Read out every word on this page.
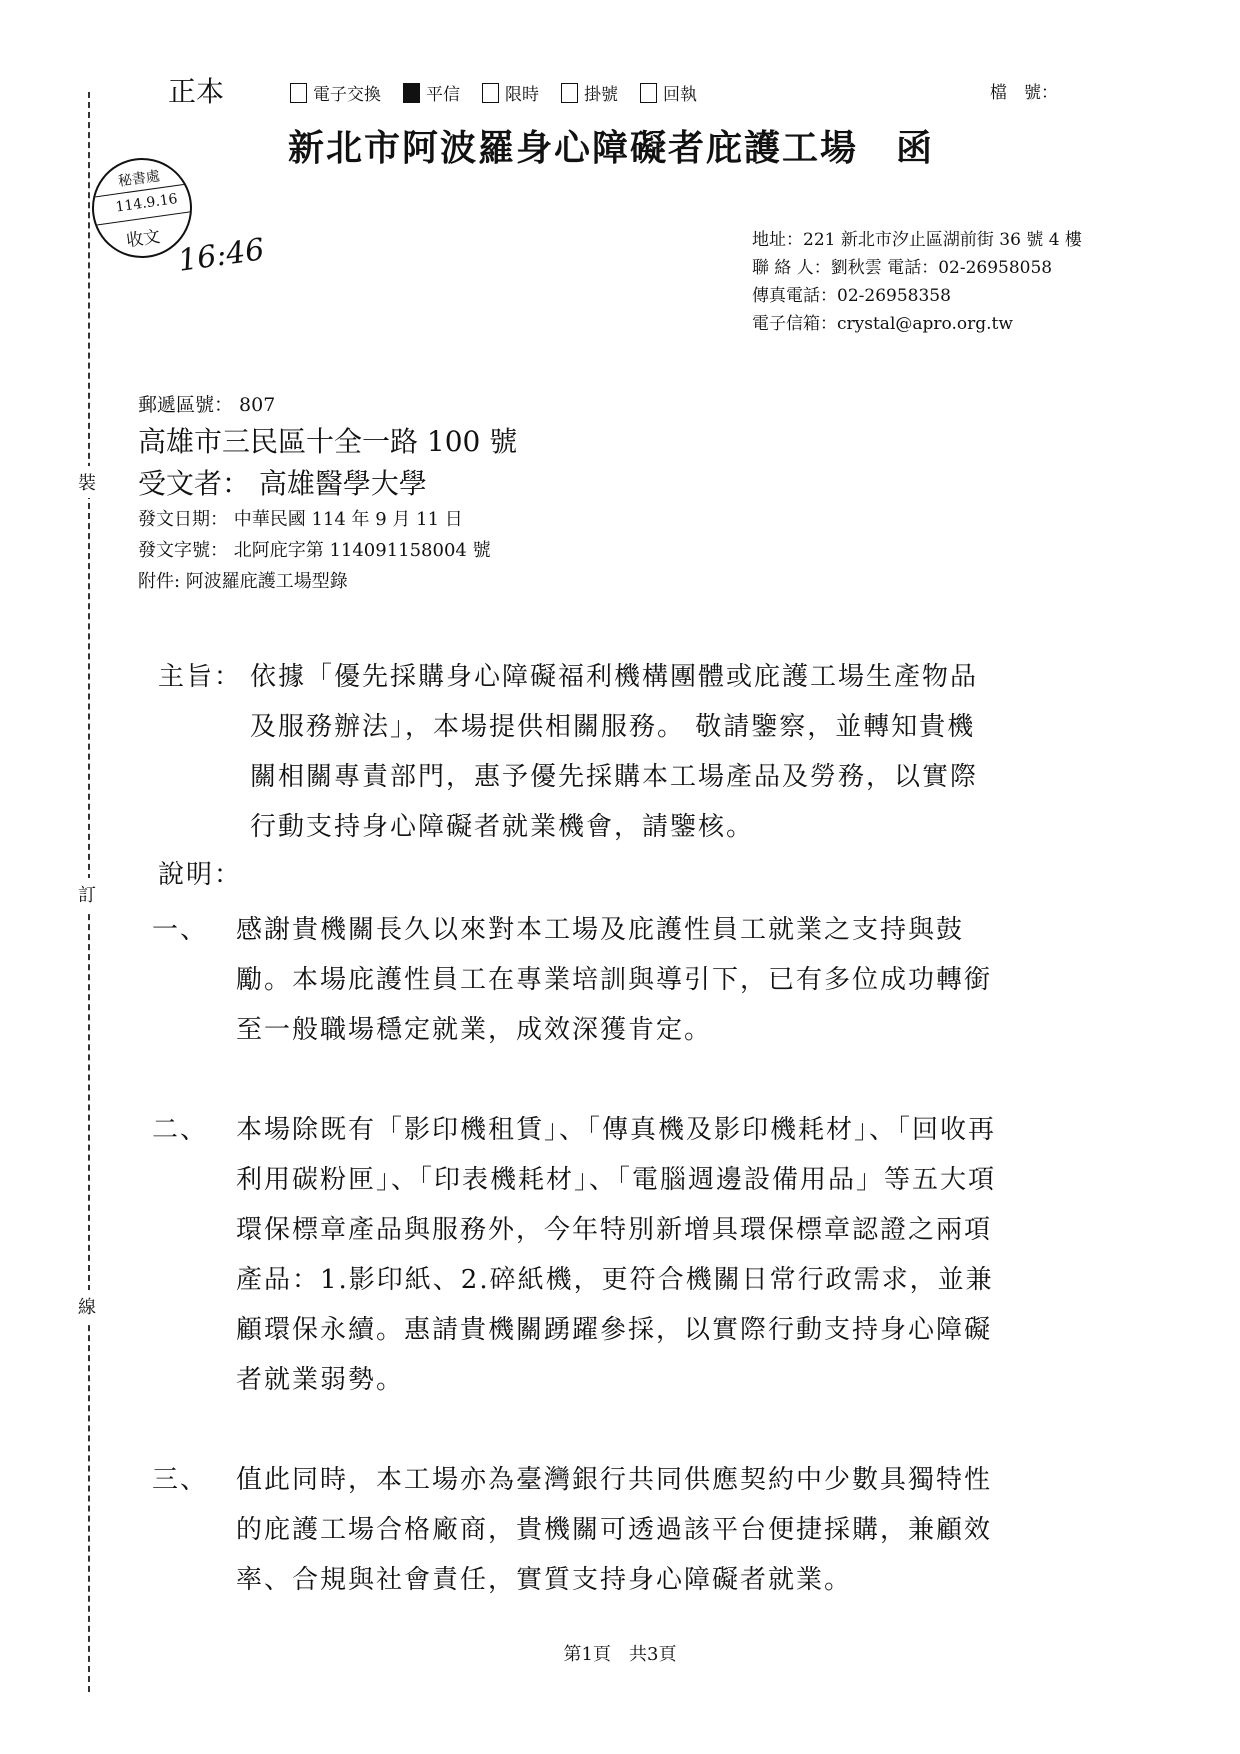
裝
訂
線
正本	電子交換	平信	限時	掛號	回執	檔　號：
新北市阿波羅身心障礙者庇護工場　函
秘書處
114.9.16
收文 16:46	地址：221 新北市汐止區湖前街 36 號 4 樓
聯 絡 人：劉秋雲 電話：02-26958058
傳真電話：02-26958358
電子信箱：crystal@apro.org.tw
郵遞區號： 807
高雄市三民區十全一路 100 號
受文者： 高雄醫學大學
發文日期： 中華民國 114 年 9 月 11 日
發文字號： 北阿庇字第 114091158004 號
附件: 阿波羅庇護工場型錄
主旨： 依據「優先採購身心障礙福利機構團體或庇護工場生產物品
及服務辦法」，本場提供相關服務。 敬請鑒察，並轉知貴機
關相關專責部門，惠予優先採購本工場產品及勞務，以實際
行動支持身心障礙者就業機會，請鑒核。
說明：
一、 感謝貴機關長久以來對本工場及庇護性員工就業之支持與鼓
勵。本場庇護性員工在專業培訓與導引下，已有多位成功轉銜
至一般職場穩定就業，成效深獲肯定。
二、 本場除既有「影印機租賃」、「傳真機及影印機耗材」、「回收再
利用碳粉匣」、「印表機耗材」、「電腦週邊設備用品」等五大項
環保標章產品與服務外，今年特別新增具環保標章認證之兩項
產品：1.影印紙、2.碎紙機，更符合機關日常行政需求，並兼
顧環保永續。惠請貴機關踴躍參採，以實際行動支持身心障礙
者就業弱勢。
三、 值此同時，本工場亦為臺灣銀行共同供應契約中少數具獨特性
的庇護工場合格廠商，貴機關可透過該平台便捷採購，兼顧效
率、合規與社會責任，實質支持身心障礙者就業。
第1頁　共3頁
